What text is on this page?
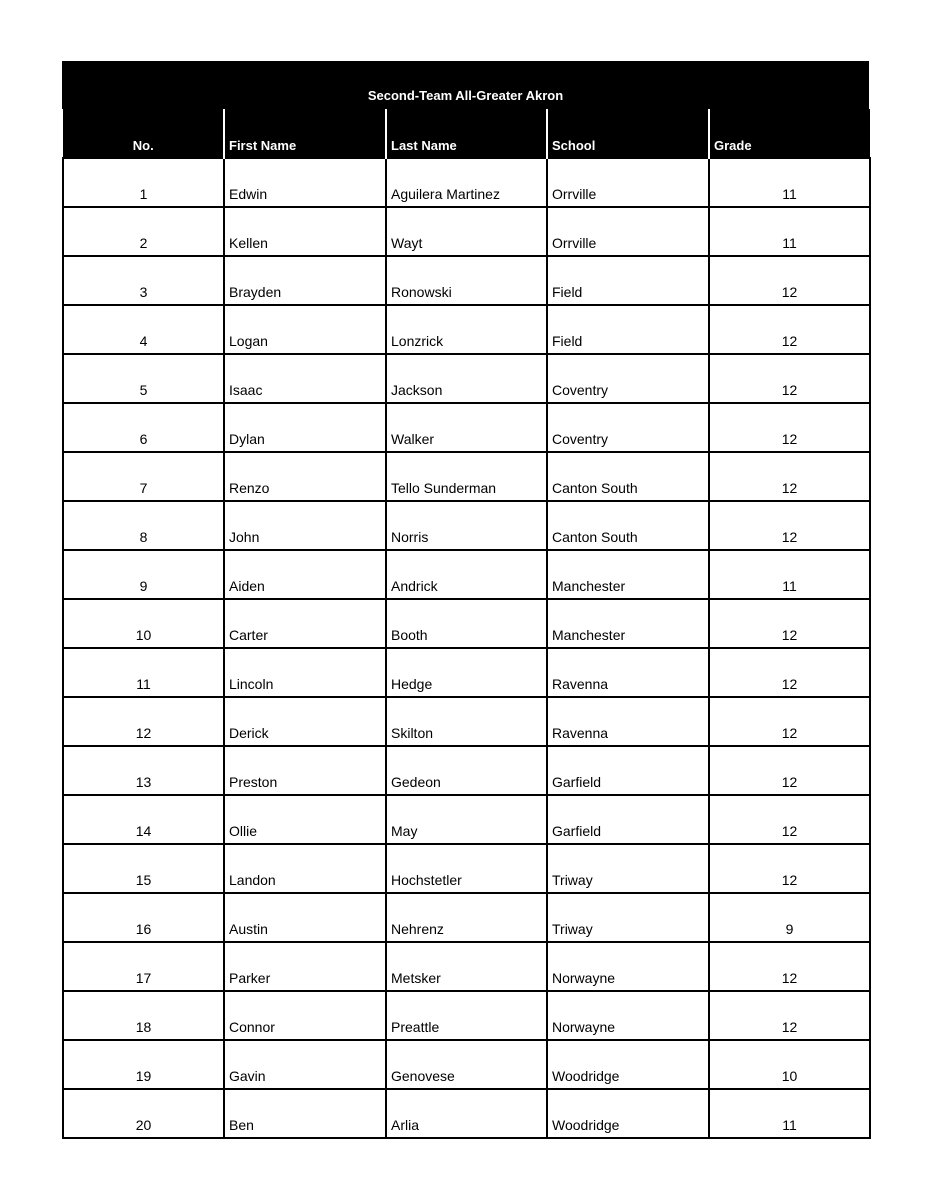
Second-Team All-Greater Akron
No.	First Name	Last Name	School	Grade
1	Edwin	Aguilera Martinez	Orrville	11
2	Kellen	Wayt	Orrville	11
3	Brayden	Ronowski	Field	12
4	Logan	Lonzrick	Field	12
5	Isaac	Jackson	Coventry	12
6	Dylan	Walker	Coventry	12
7	Renzo	Tello Sunderman	Canton South	12
8	John	Norris	Canton South	12
9	Aiden	Andrick	Manchester	11
10	Carter	Booth	Manchester	12
11	Lincoln	Hedge	Ravenna	12
12	Derick	Skilton	Ravenna	12
13	Preston	Gedeon	Garfield	12
14	Ollie	May	Garfield	12
15	Landon	Hochstetler	Triway	12
16	Austin	Nehrenz	Triway	9
17	Parker	Metsker	Norwayne	12
18	Connor	Preattle	Norwayne	12
19	Gavin	Genovese	Woodridge	10
20	Ben	Arlia	Woodridge	11
